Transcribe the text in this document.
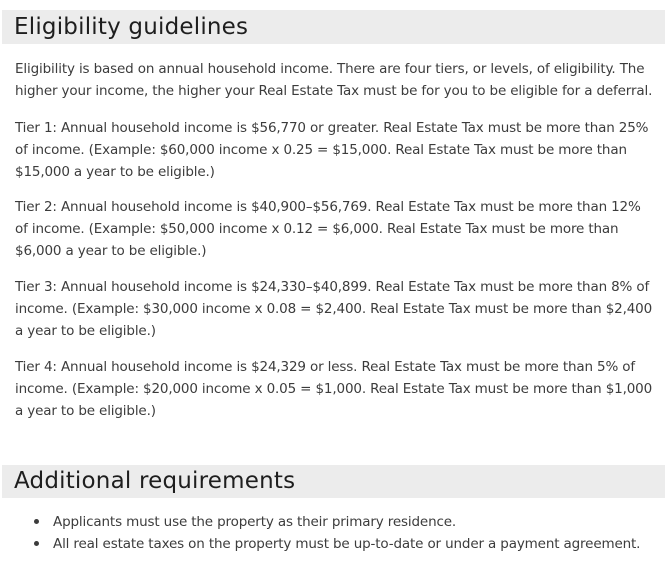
Eligibility guidelines

Eligibility is based on annual household income. There are four tiers, or levels, of eligibility. The higher your income, the higher your Real Estate Tax must be for you to be eligible for a deferral.

Tier 1: Annual household income is $56,770 or greater. Real Estate Tax must be more than 25% of income. (Example: $60,000 income x 0.25 = $15,000. Real Estate Tax must be more than $15,000 a year to be eligible.)

Tier 2: Annual household income is $40,900–$56,769. Real Estate Tax must be more than 12% of income. (Example: $50,000 income x 0.12 = $6,000. Real Estate Tax must be more than $6,000 a year to be eligible.)

Tier 3: Annual household income is $24,330–$40,899. Real Estate Tax must be more than 8% of income. (Example: $30,000 income x 0.08 = $2,400. Real Estate Tax must be more than $2,400 a year to be eligible.)

Tier 4: Annual household income is $24,329 or less. Real Estate Tax must be more than 5% of income. (Example: $20,000 income x 0.05 = $1,000. Real Estate Tax must be more than $1,000 a year to be eligible.)

Additional requirements
Applicants must use the property as their primary residence.
All real estate taxes on the property must be up-to-date or under a payment agreement.
